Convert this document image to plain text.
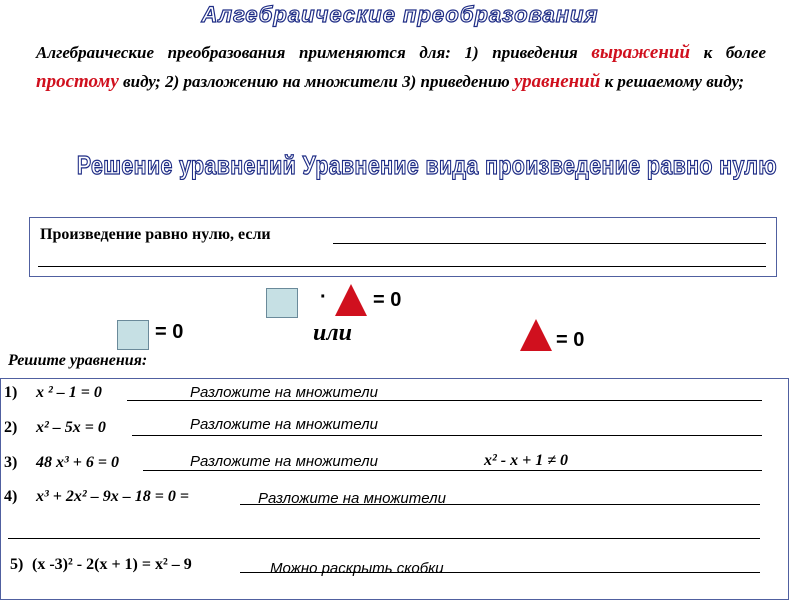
Алгебраические преобразования
Алгебраические преобразования применяются для: 1) приведения выражений к более простому виду; 2) разложению на множители 3) приведению уравнений к решаемому виду;
Решение уравнений Уравнение вида произведение равно нулю
Произведение равно нулю, если
· = 0
= 0	или	= 0
Решите уравнения:
1) x ² – 1 = 0	Разложите на множители
2) x² – 5x = 0	Разложите на множители
3) 48 x³ + 6 = 0	Разложите на множители	x² - x + 1 ≠ 0
4) x³ + 2x² – 9x – 18 = 0 =	Разложите на множители
5) (x -3)² - 2(x + 1) = x² – 9	Можно раскрыть скобки
